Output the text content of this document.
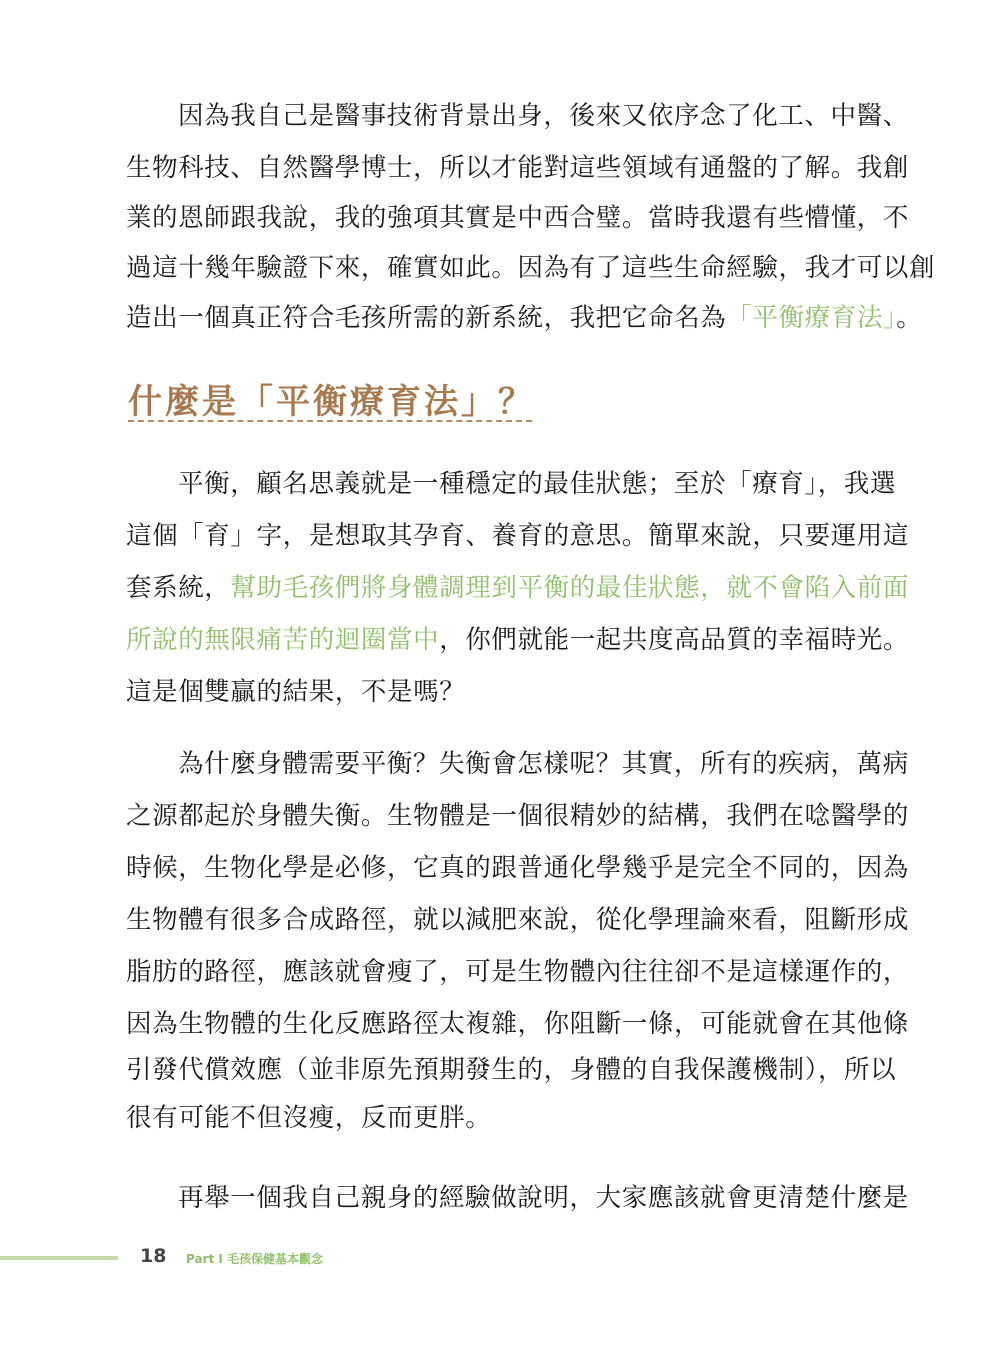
因為我自己是醫事技術背景出身，後來又依序念了化工、中醫、
生物科技、自然醫學博士，所以才能對這些領域有通盤的了解。我創
業的恩師跟我說，我的強項其實是中西合璧。當時我還有些懵懂，不
過這十幾年驗證下來，確實如此。因為有了這些生命經驗，我才可以創
造出一個真正符合毛孩所需的新系統，我把它命名為「平衡療育法」。
什麼是「平衡療育法」？
平衡，顧名思義就是一種穩定的最佳狀態；至於「療育」，我選
這個「育」字，是想取其孕育、養育的意思。簡單來說，只要運用這
套系統，幫助毛孩們將身體調理到平衡的最佳狀態，就不會陷入前面
所說的無限痛苦的迴圈當中，你們就能一起共度高品質的幸福時光。
這是個雙贏的結果，不是嗎？
為什麼身體需要平衡？失衡會怎樣呢？其實，所有的疾病，萬病
之源都起於身體失衡。生物體是一個很精妙的結構，我們在唸醫學的
時候，生物化學是必修，它真的跟普通化學幾乎是完全不同的，因為
生物體有很多合成路徑，就以減肥來說，從化學理論來看，阻斷形成
脂肪的路徑，應該就會瘦了，可是生物體內往往卻不是這樣運作的，
因為生物體的生化反應路徑太複雜，你阻斷一條，可能就會在其他條
引發代償效應（並非原先預期發生的，身體的自我保護機制），所以
很有可能不但沒瘦，反而更胖。
再舉一個我自己親身的經驗做說明，大家應該就會更清楚什麼是
18 Part I 毛孩保健基本觀念
